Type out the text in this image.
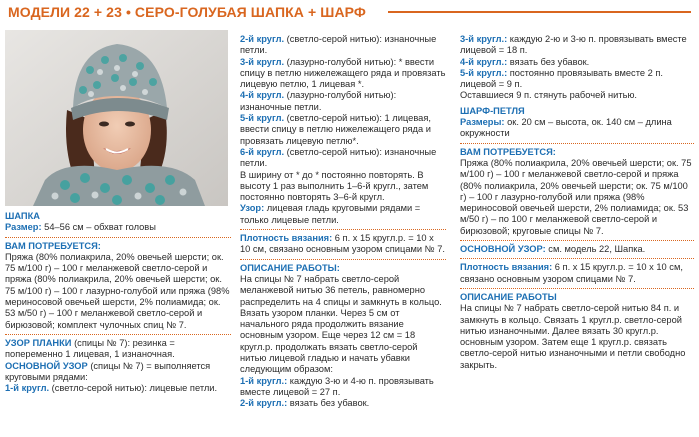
МОДЕЛИ 22 + 23 • СЕРО-ГОЛУБАЯ ШАПКА + ШАРФ

ШАПКА

Размер: 54–56 см – обхват головы

ВАМ ПОТРЕБУЕТСЯ:

Пряжа (80% полиакрила, 20% овечьей шерсти; ок. 75 м/100 г) – 100 г меланжевой светло-серой и пряжа (80% полиакрила, 20% овечьей шерсти; ок. 75 м/100 г) – 100 г лазурно-голубой или пряжа (98% мериносовой овечьей шерсти, 2% полиамида; ок. 53 м/50 г) – 100 г меланжевой светло-серой и бирюзовой; комплект чулочных спиц № 7.

УЗОР ПЛАНКИ (спицы № 7): резинка = попеременно 1 лицевая, 1 изнаночная.

ОСНОВНОЙ УЗОР (спицы № 7) = выполняется круговыми рядами:

1-й кругл. (светло-серой нитью): лицевые петли.

2-й кругл. (светло-серой нитью): изнаночные петли.

3-й кругл. (лазурно-голубой нитью): * ввести спицу в петлю нижележащего ряда и провязать лицевую петлю, 1 лицевая *.

4-й кругл. (лазурно-голубой нитью): изнаночные петли.

5-й кругл. (светло-серой нитью): 1 лицевая, ввести спицу в петлю нижележащего ряда и провязать лицевую петлю*.

6-й кругл. (светло-серой нитью): изнаночные петли.

В ширину от * до * постоянно повторять. В высоту 1 раз выполнить 1–6-й кругл., затем постоянно повторять 3–6-й кругл.

Узор: лицевая гладь круговыми рядами = только лицевые петли.

Плотность вязания: 6 п. х 15 кругл.р. = 10 х 10 см, связано основным узором спицами № 7.

ОПИСАНИЕ РАБОТЫ:

На спицы № 7 набрать светло-серой меланжевой нитью 36 петель, равномерно распределить на 4 спицы и замкнуть в кольцо. Вязать узором планки. Через 5 см от начального ряда продолжить вязание основным узором. Еще через 12 см = 18 кругл.р. продолжать вязать светло-серой нитью лицевой гладью и начать убавки следующим образом:

1-й кругл.: каждую 3-ю и 4-ю п. провязывать вместе лицевой = 27 п.

2-й кругл.: вязать без убавок.

3-й кругл.: каждую 2-ю и 3-ю п. провязывать вместе лицевой = 18 п.

4-й кругл.: вязать без убавок.

5-й кругл.: постоянно провязывать вместе 2 п. лицевой = 9 п.

Оставшиеся 9 п. стянуть рабочей нитью.

ШАРФ-ПЕТЛЯ

Размеры: ок. 20 см – высота, ок. 140 см – длина окружности

ВАМ ПОТРЕБУЕТСЯ:

Пряжа (80% полиакрила, 20% овечьей шерсти; ок. 75 м/100 г) – 100 г меланжевой светло-серой и пряжа (80% полиакрила, 20% овечьей шерсти; ок. 75 м/100 г) – 100 г лазурно-голубой или пряжа (98% мериносовой овечьей шерсти, 2% полиамида; ок. 53 м/50 г) – по 100 г меланжевой светло-серой и бирюзовой; круговые спицы № 7.

ОСНОВНОЙ УЗОР: см. модель 22, Шапка.

Плотность вязания: 6 п. х 15 кругл.р. = 10 х 10 см, связано основным узором спицами № 7.

ОПИСАНИЕ РАБОТЫ

На спицы № 7 набрать светло-серой нитью 84 п. и замкнуть в кольцо. Связать 1 кругл.р. светло-серой нитью изнаночными. Далее вязать 30 кругл.р. основным узором. Затем еще 1 кругл.р. связать светло-серой нитью изнаночными и петли свободно закрыть.
